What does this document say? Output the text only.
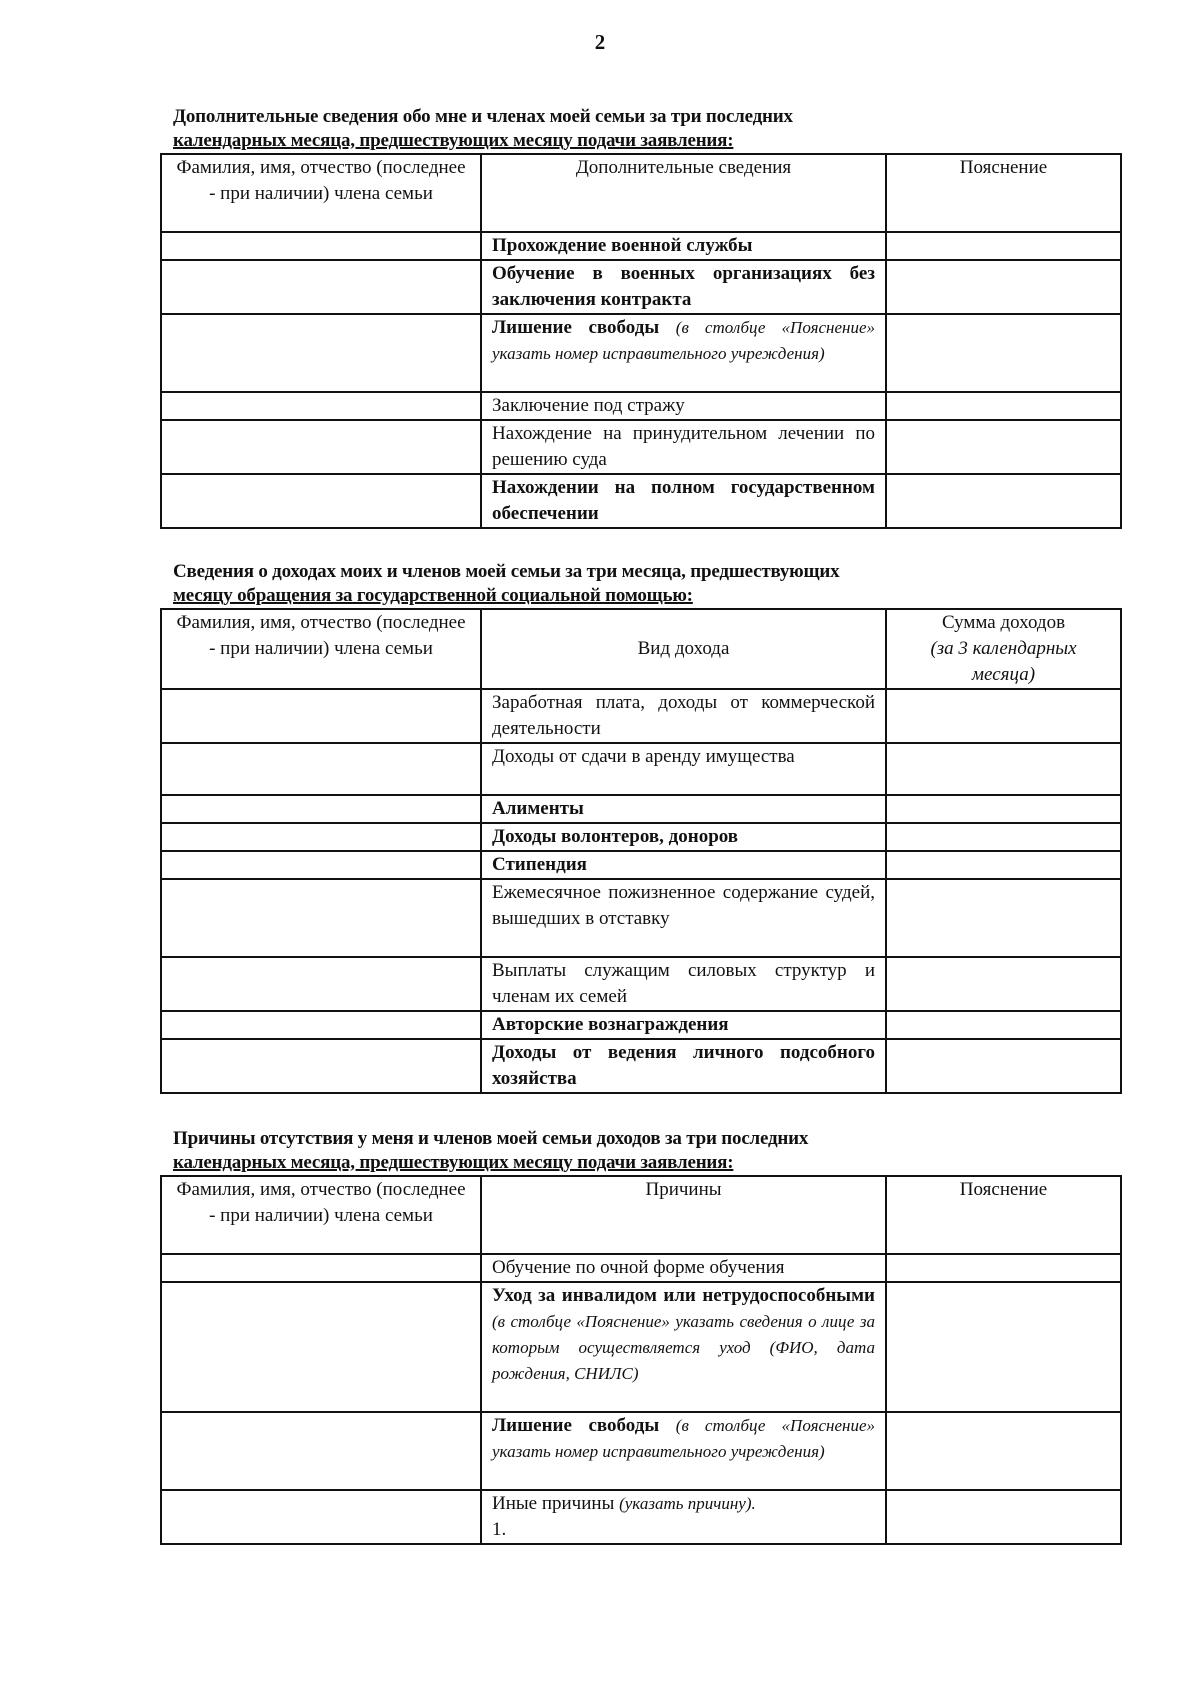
2
Дополнительные сведения обо мне и членах моей семьи за три последних
календарных месяца, предшествующих месяцу подачи заявления:
Фамилия, имя, отчество (последнее - при наличии) члена семьи	Дополнительные сведения	Пояснение
	Прохождение военной службы	
	Обучение в военных организациях без заключения контракта	
	Лишение свободы (в столбце «Пояснение» указать номер исправительного учреждения)	
	Заключение под стражу	
	Нахождение на принудительном лечении по решению суда	
	Нахождении на полном государственном обеспечении	
Сведения о доходах моих и членов моей семьи за три месяца, предшествующих
месяцу обращения за государственной социальной помощью:
Фамилия, имя, отчество (последнее - при наличии) члена семьи	Вид дохода	Сумма доходов
(за 3 календарных месяца)

	Заработная плата, доходы от коммерческой деятельности	
	Доходы от сдачи в аренду имущества	
	Алименты	
	Доходы волонтеров, доноров	
	Стипендия	
	Ежемесячное пожизненное содержание судей, вышедших в отставку	
	Выплаты служащим силовых структур и членам их семей	
	Авторские вознаграждения	
	Доходы от ведения личного подсобного хозяйства	
Причины отсутствия у меня и членов моей семьи доходов за три последних
календарных месяца, предшествующих месяцу подачи заявления:
Фамилия, имя, отчество (последнее - при наличии) члена семьи	Причины	Пояснение
	Обучение по очной форме обучения	
	Уход за инвалидом или нетрудоспособными (в столбце «Пояснение» указать сведения о лице за которым осуществляется уход (ФИО, дата рождения, СНИЛС)	
	Лишение свободы (в столбце «Пояснение» указать номер исправительного учреждения)	

	Иные причины (указать причину).
1.	
